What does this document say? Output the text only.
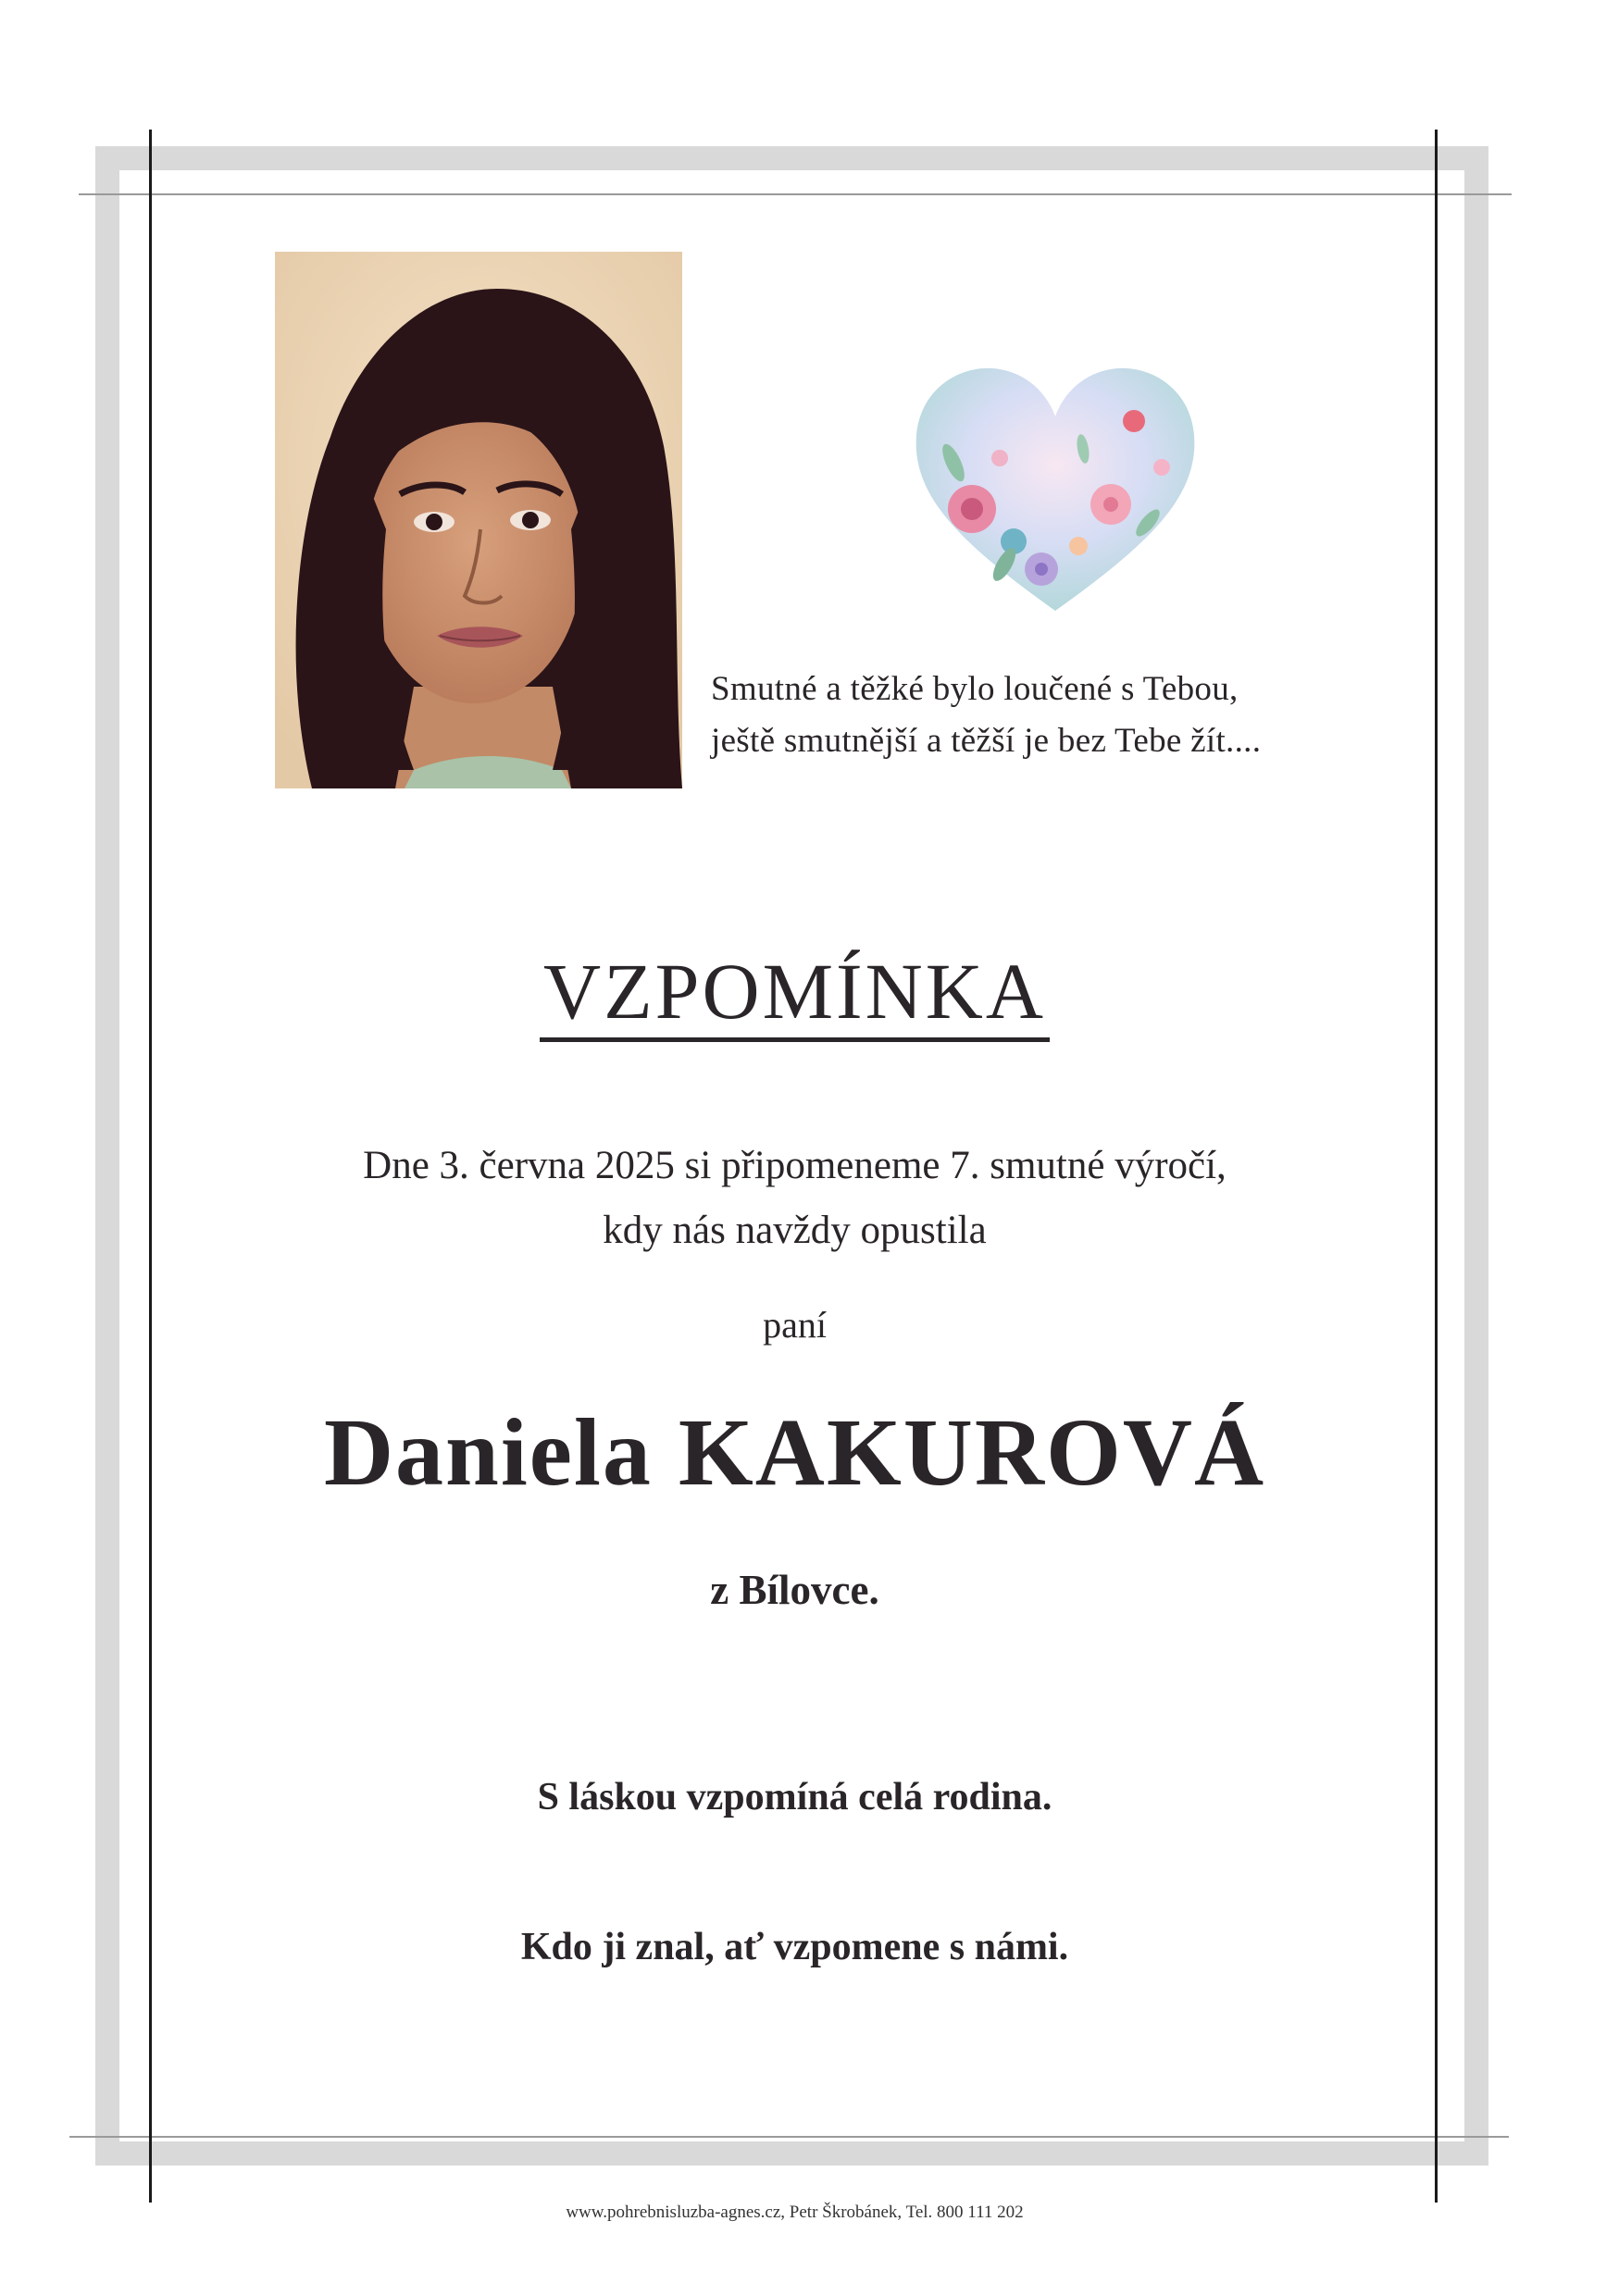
Smutné a těžké bylo loučené s Tebou,
ještě smutnější a těžší je bez Tebe žít....
VZPOMÍNKA
Dne 3. června 2025 si připomeneme 7. smutné výročí,
kdy nás navždy opustila
paní
Daniela KAKUROVÁ
z Bílovce.
S láskou vzpomíná celá rodina.
Kdo ji znal, ať vzpomene s námi.
www.pohrebnisluzba-agnes.cz, Petr Škrobánek, Tel. 800 111 202
